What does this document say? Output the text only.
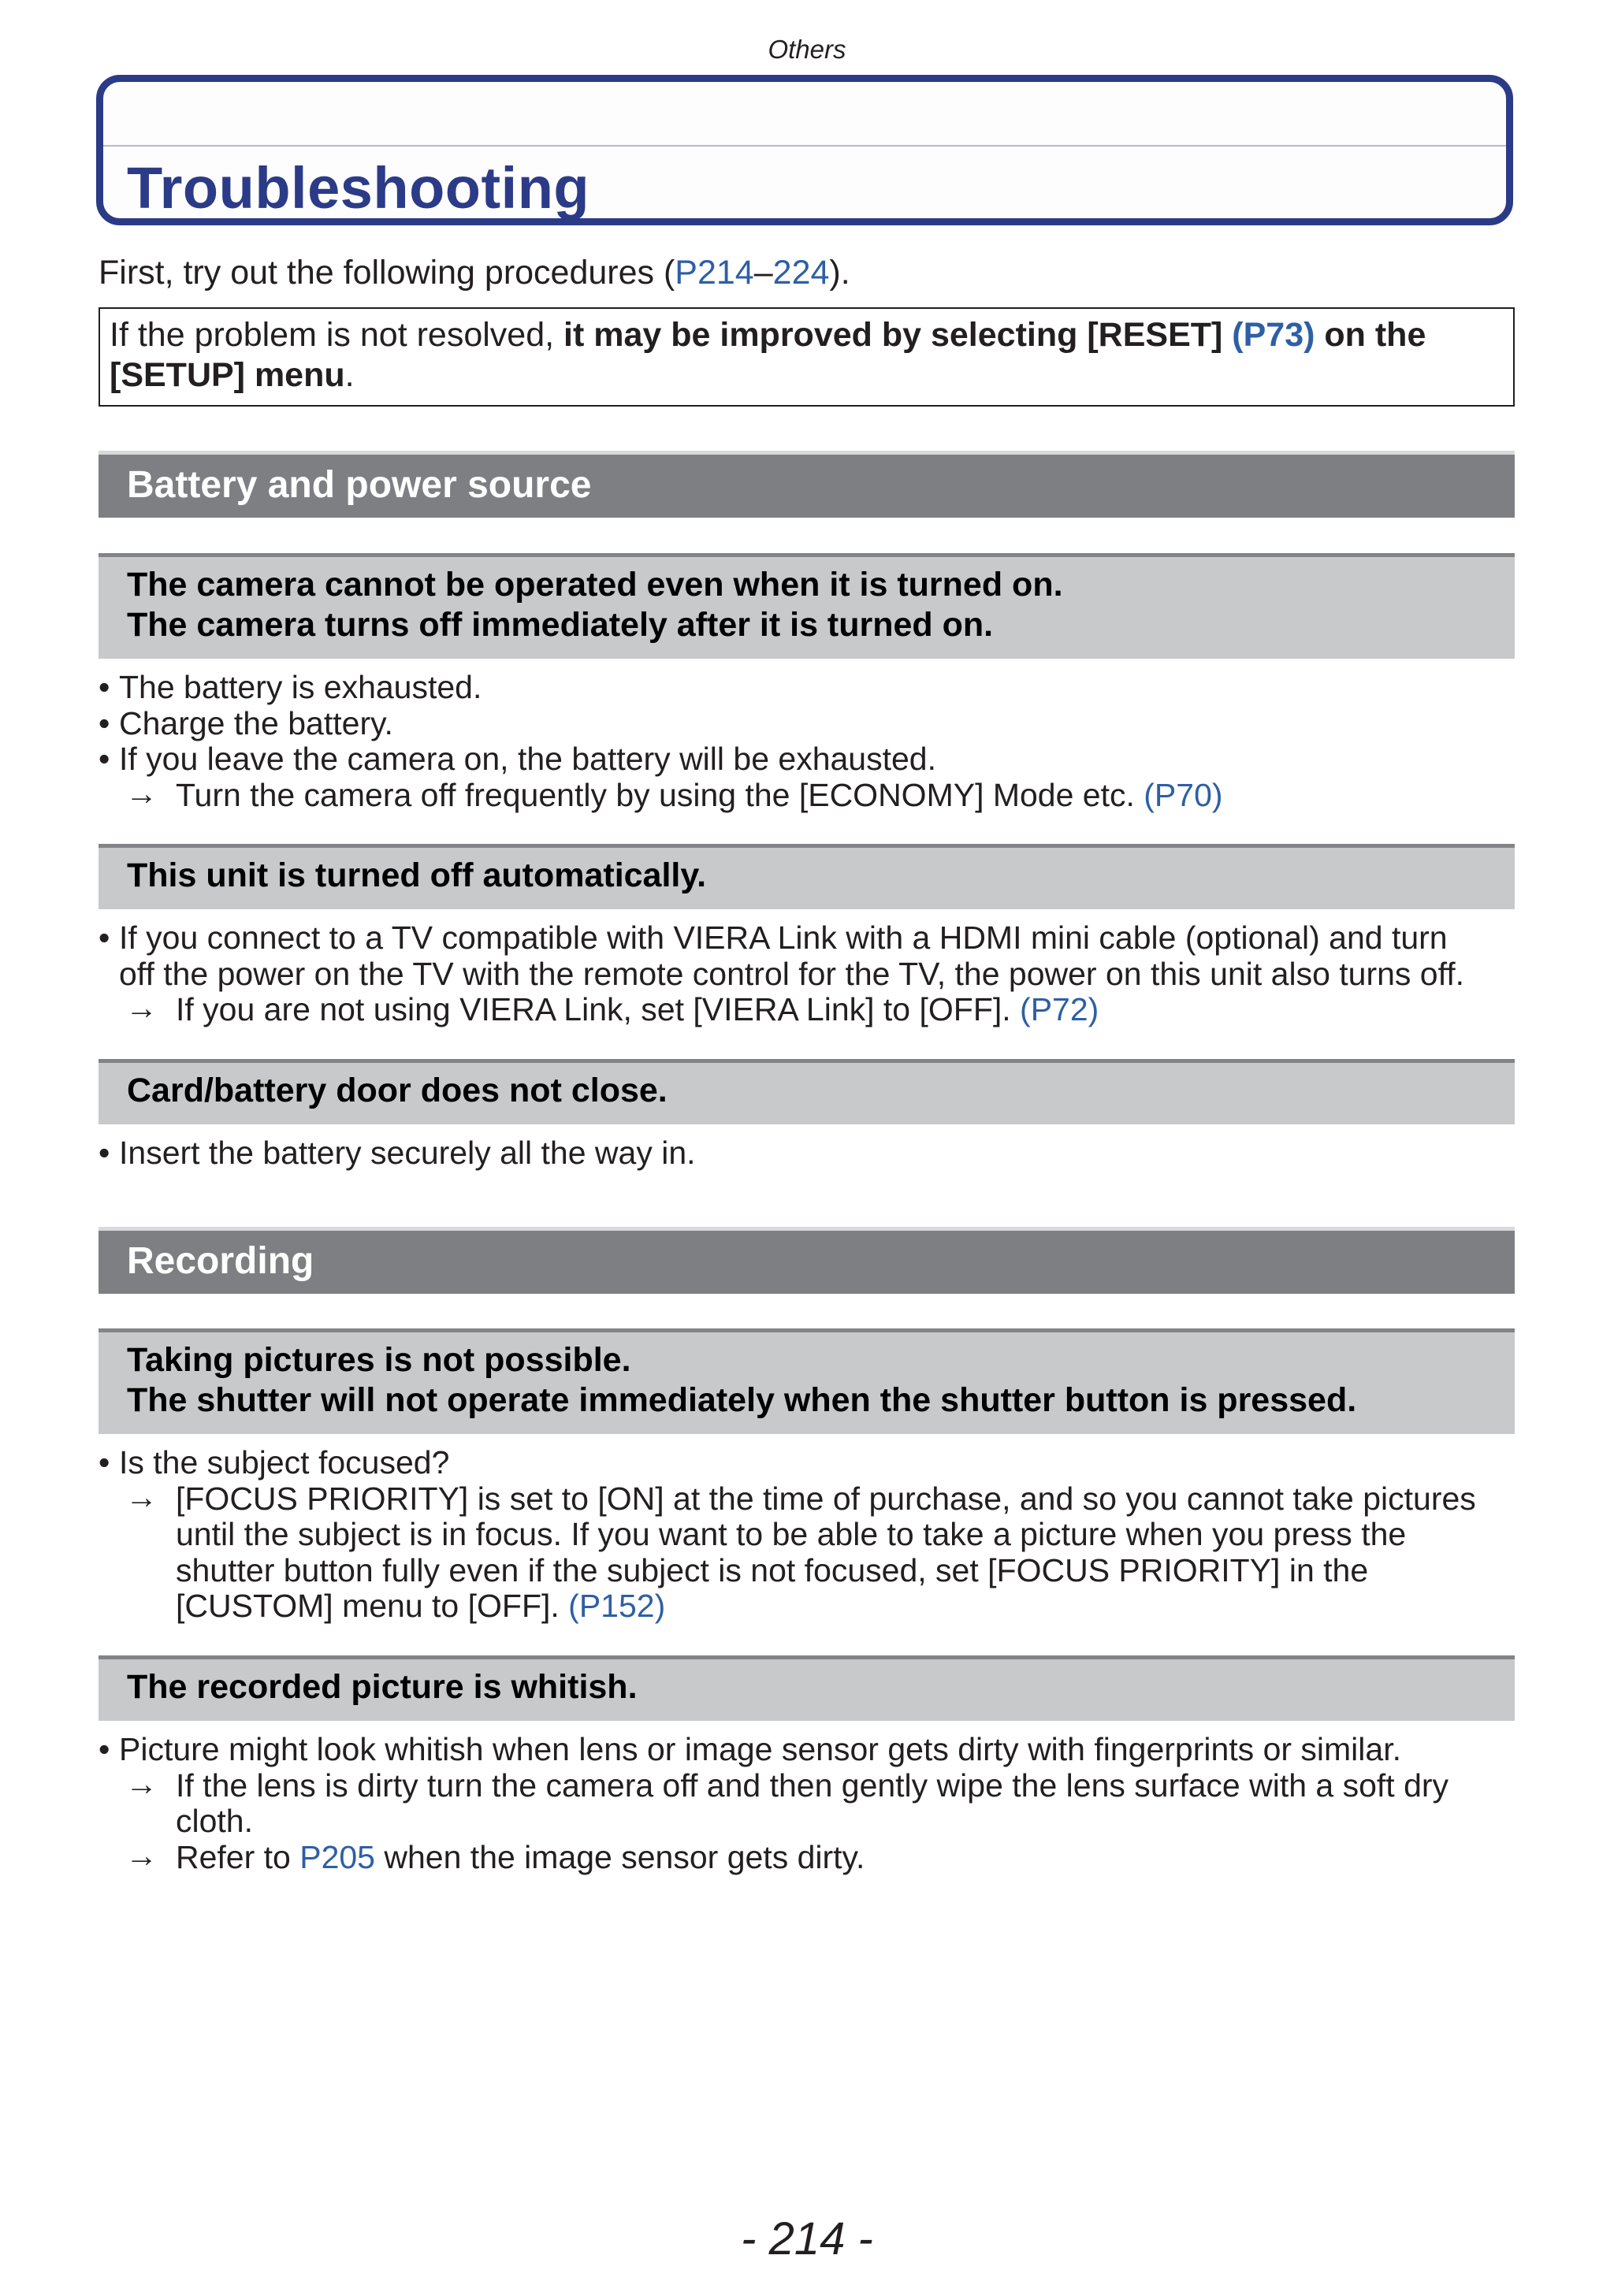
Others
Troubleshooting
First, try out the following procedures (P214–224).
If the problem is not resolved, it may be improved by selecting [RESET] (P73) on the
[SETUP] menu.
Battery and power source
The camera cannot be operated even when it is turned on.
The camera turns off immediately after it is turned on.
• The battery is exhausted.
• Charge the battery.
• If you leave the camera on, the battery will be exhausted.
→ Turn the camera off frequently by using the [ECONOMY] Mode etc. (P70)
This unit is turned off automatically.
• If you connect to a TV compatible with VIERA Link with a HDMI mini cable (optional) and turn
off the power on the TV with the remote control for the TV, the power on this unit also turns off.
→ If you are not using VIERA Link, set [VIERA Link] to [OFF]. (P72)
Card/battery door does not close.
• Insert the battery securely all the way in.
Recording
Taking pictures is not possible.
The shutter will not operate immediately when the shutter button is pressed.
• Is the subject focused?
→ [FOCUS PRIORITY] is set to [ON] at the time of purchase, and so you cannot take pictures
until the subject is in focus. If you want to be able to take a picture when you press the
shutter button fully even if the subject is not focused, set [FOCUS PRIORITY] in the
[CUSTOM] menu to [OFF]. (P152)
The recorded picture is whitish.
• Picture might look whitish when lens or image sensor gets dirty with fingerprints or similar.
→ If the lens is dirty turn the camera off and then gently wipe the lens surface with a soft dry
cloth.
→ Refer to P205 when the image sensor gets dirty.
- 214 -
